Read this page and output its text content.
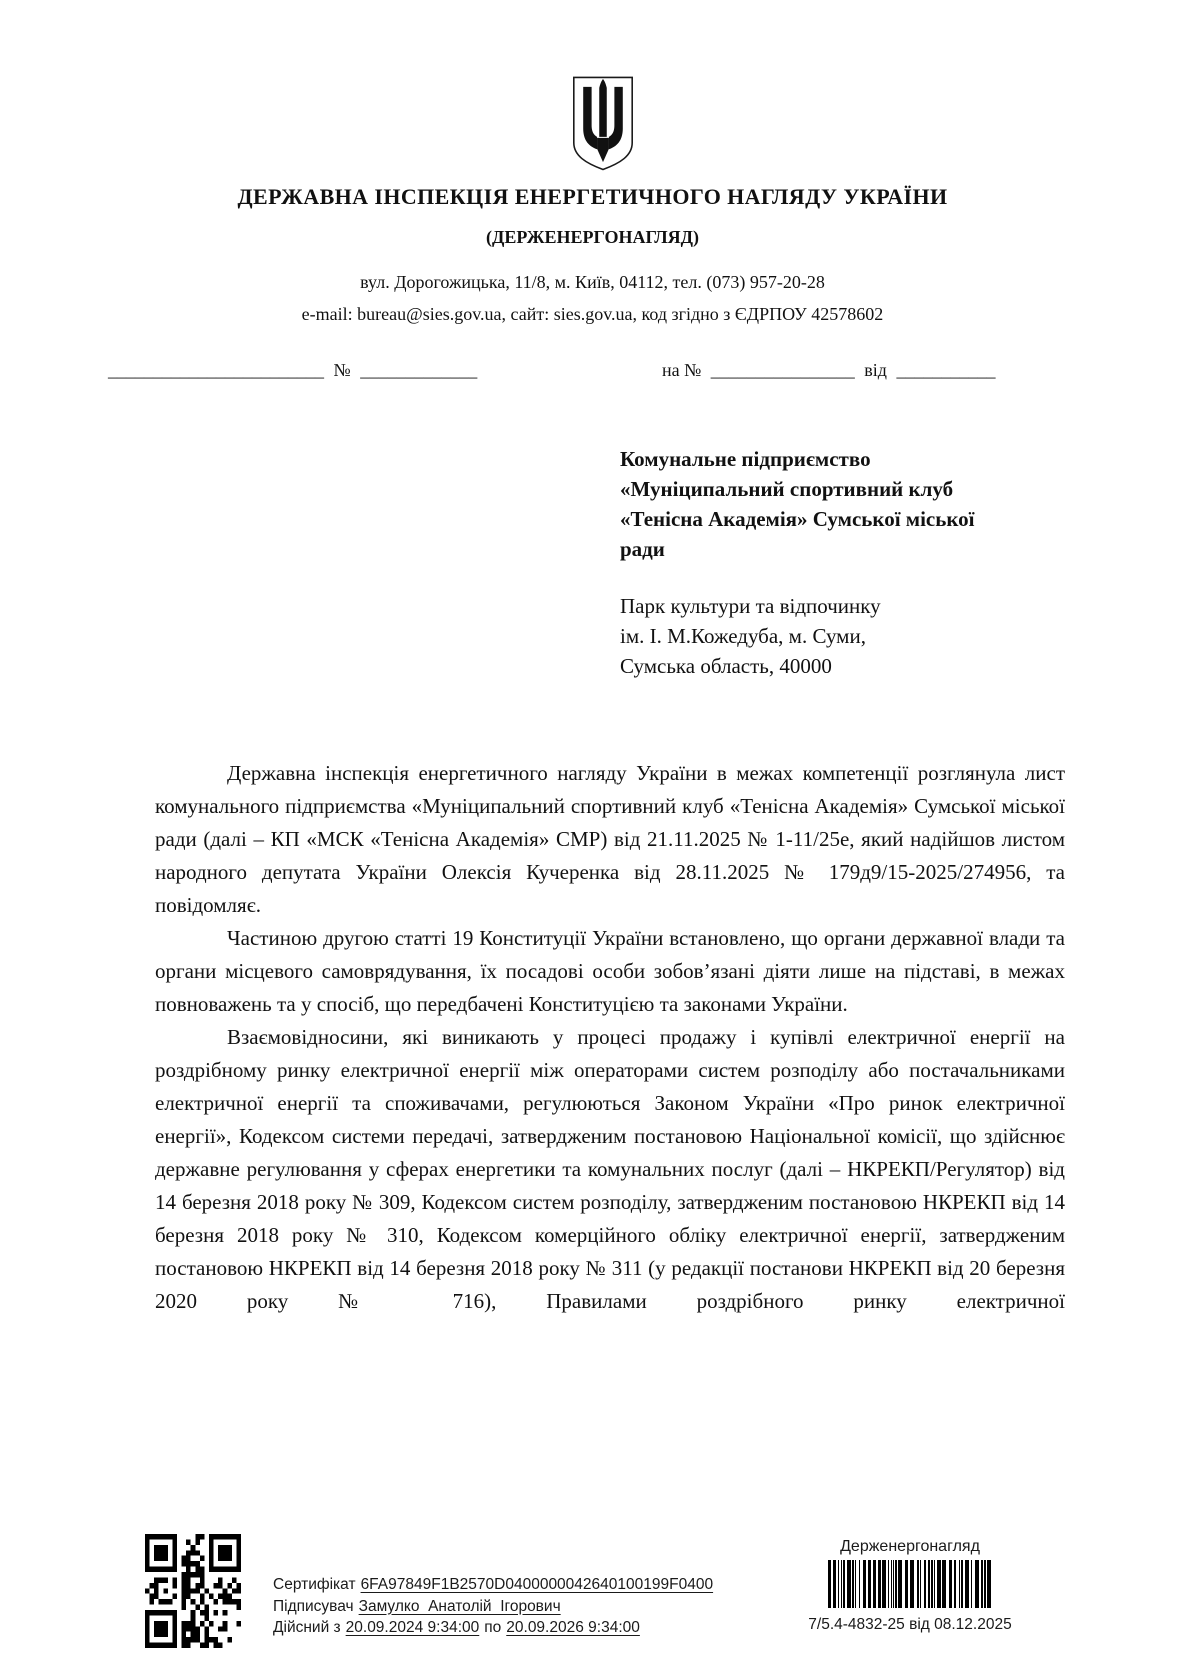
ДЕРЖАВНА ІНСПЕКЦІЯ ЕНЕРГЕТИЧНОГО НАГЛЯДУ УКРАЇНИ
(ДЕРЖЕНЕРГОНАГЛЯД)
вул. Дорогожицька, 11/8, м. Київ, 04112, тел. (073) 957-20-28
e-mail: bureau@sies.gov.ua, сайт: sies.gov.ua, код згідно з ЄДРПОУ 42578602
________________________ № _____________	на № ________________ від ___________
Комунальне підприємство
«Муніципальний спортивний клуб
«Тенісна Академія» Сумської міської
ради
Парк культури та відпочинку
ім. І. М.Кожедуба, м. Суми,
Сумська область, 40000

Державна інспекція енергетичного нагляду України в межах компетенції розглянула лист комунального підприємства «Муніципальний спортивний клуб «Тенісна Академія» Сумської міської ради (далі – КП «МСК «Тенісна Академія» СМР) від 21.11.2025 № 1-11/25е, який надійшов листом народного депутата України Олексія Кучеренка від 28.11.2025 № 179д9/15-2025/274956, та повідомляє.

Частиною другою статті 19 Конституції України встановлено, що органи державної влади та органи місцевого самоврядування, їх посадові особи зобов’язані діяти лише на підставі, в межах повноважень та у спосіб, що передбачені Конституцією та законами України.

Взаємовідносини, які виникають у процесі продажу і купівлі електричної енергії на роздрібному ринку електричної енергії між операторами систем розподілу або постачальниками електричної енергії та споживачами, регулюються Законом України «Про ринок електричної енергії», Кодексом системи передачі, затвердженим постановою Національної комісії, що здійснює державне регулювання у сферах енергетики та комунальних послуг (далі – НКРЕКП/Регулятор) від 14 березня 2018 року № 309, Кодексом систем розподілу, затвердженим постановою НКРЕКП від 14 березня 2018 року № 310, Кодексом комерційного обліку електричної енергії, затвердженим постановою НКРЕКП від 14 березня 2018 року № 311 (у редакції постанови НКРЕКП від 20 березня 2020 року № 716), Правилами роздрібного ринку електричної

Сертифікат 6FA97849F1B2570D0400000042640100199F0400
Підписувач Замулко  Анатолій  Ігорович
Дійсний з 20.09.2024 9:34:00 по 20.09.2026 9:34:00
Держенергонагляд
7/5.4-4832-25 від 08.12.2025
